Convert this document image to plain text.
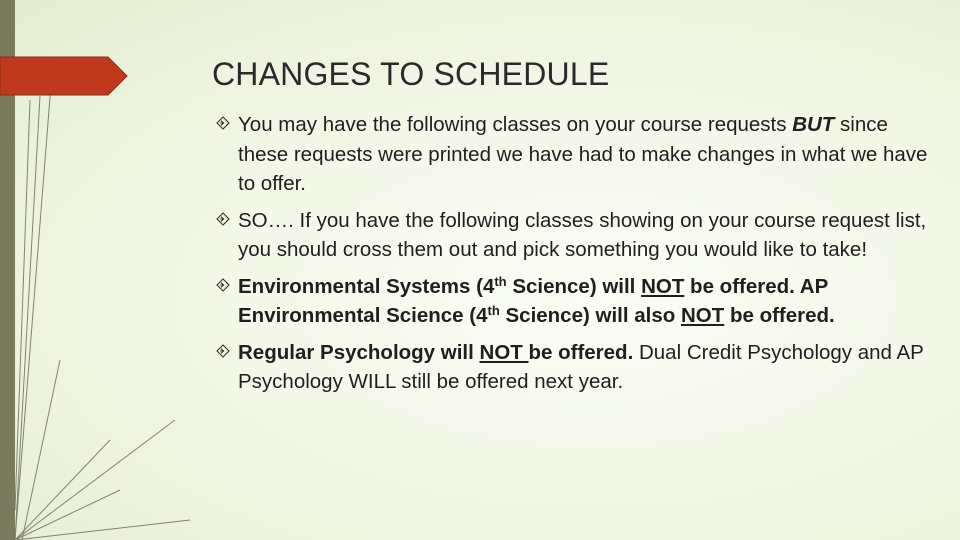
CHANGES TO SCHEDULE
You may have the following classes on your course requests BUT since these requests were printed we have had to make changes in what we have to offer.
SO…. If you have the following classes showing on your course request list, you should cross them out and pick something you would like to take!
Environmental Systems (4th Science) will NOT be offered. AP Environmental Science (4th Science) will also NOT be offered.
Regular Psychology will NOT be offered. Dual Credit Psychology and AP Psychology WILL still be offered next year.
